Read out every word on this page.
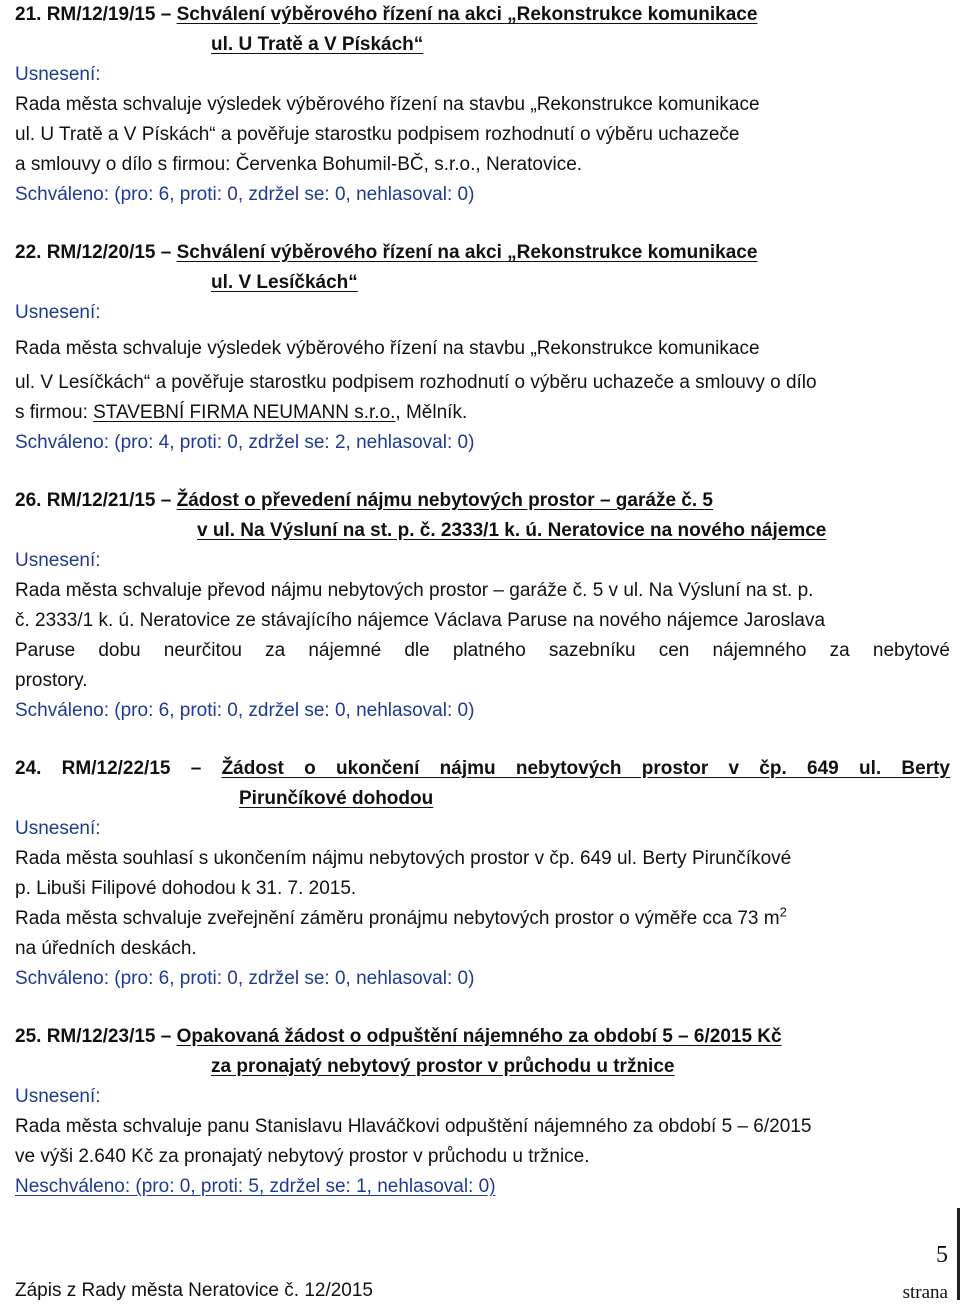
21. RM/12/19/15 – Schválení výběrového řízení na akci „Rekonstrukce komunikace
ul. U Tratě a V Pískách“

Usnesení:

Rada města schvaluje výsledek výběrového řízení na stavbu „Rekonstrukce komunikace

ul. U Tratě a V Pískách“ a pověřuje starostku podpisem rozhodnutí o výběru uchazeče

a smlouvy o dílo s firmou: Červenka Bohumil-BČ, s.r.o., Neratovice.

Schváleno: (pro: 6, proti: 0, zdržel se: 0, nehlasoval: 0)

22. RM/12/20/15 – Schválení výběrového řízení na akci „Rekonstrukce komunikace
ul. V Lesíčkách“

Usnesení:

Rada města schvaluje výsledek výběrového řízení na stavbu „Rekonstrukce komunikace

ul. V Lesíčkách“ a pověřuje starostku podpisem rozhodnutí o výběru uchazeče a smlouvy o dílo

s firmou: STAVEBNÍ FIRMA NEUMANN s.r.o., Mělník.

Schváleno: (pro: 4, proti: 0, zdržel se: 2, nehlasoval: 0)

26. RM/12/21/15 – Žádost o převedení nájmu nebytových prostor – garáže č. 5
v ul. Na Výsluní na st. p. č. 2333/1 k. ú. Neratovice na nového nájemce

Usnesení:

Rada města schvaluje převod nájmu nebytových prostor – garáže č. 5 v ul. Na Výsluní na st. p.

č. 2333/1 k. ú. Neratovice ze stávajícího nájemce Václava Paruse na nového nájemce Jaroslava

Paruse dobu neurčitou za nájemné dle platného sazebníku cen nájemného za nebytové

prostory.

Schváleno: (pro: 6, proti: 0, zdržel se: 0, nehlasoval: 0)

24. RM/12/22/15 – Žádost o ukončení nájmu nebytových prostor v čp. 649 ul. Berty

Pirunčíkové dohodou

Usnesení:

Rada města souhlasí s ukončením nájmu nebytových prostor v čp. 649 ul. Berty Pirunčíkové

p. Libuši Filipové dohodou k 31. 7. 2015.

Rada města schvaluje zveřejnění záměru pronájmu nebytových prostor o výměře cca 73 $m^2$

na úředních deskách.

Schváleno: (pro: 6, proti: 0, zdržel se: 0, nehlasoval: 0)

25. RM/12/23/15 – Opakovaná žádost o odpuštění nájemného za období 5 – 6/2015 Kč
za pronajatý nebytový prostor v průchodu u tržnice

Usnesení:

Rada města schvaluje panu Stanislavu Hlaváčkovi odpuštění nájemného za období 5 – 6/2015

ve výši 2.640 Kč za pronajatý nebytový prostor v průchodu u tržnice.

Neschváleno: (pro: 0, proti: 5, zdržel se: 1, nehlasoval: 0)

5
Zápis z Rady města Neratovice č. 12/2015	strana
